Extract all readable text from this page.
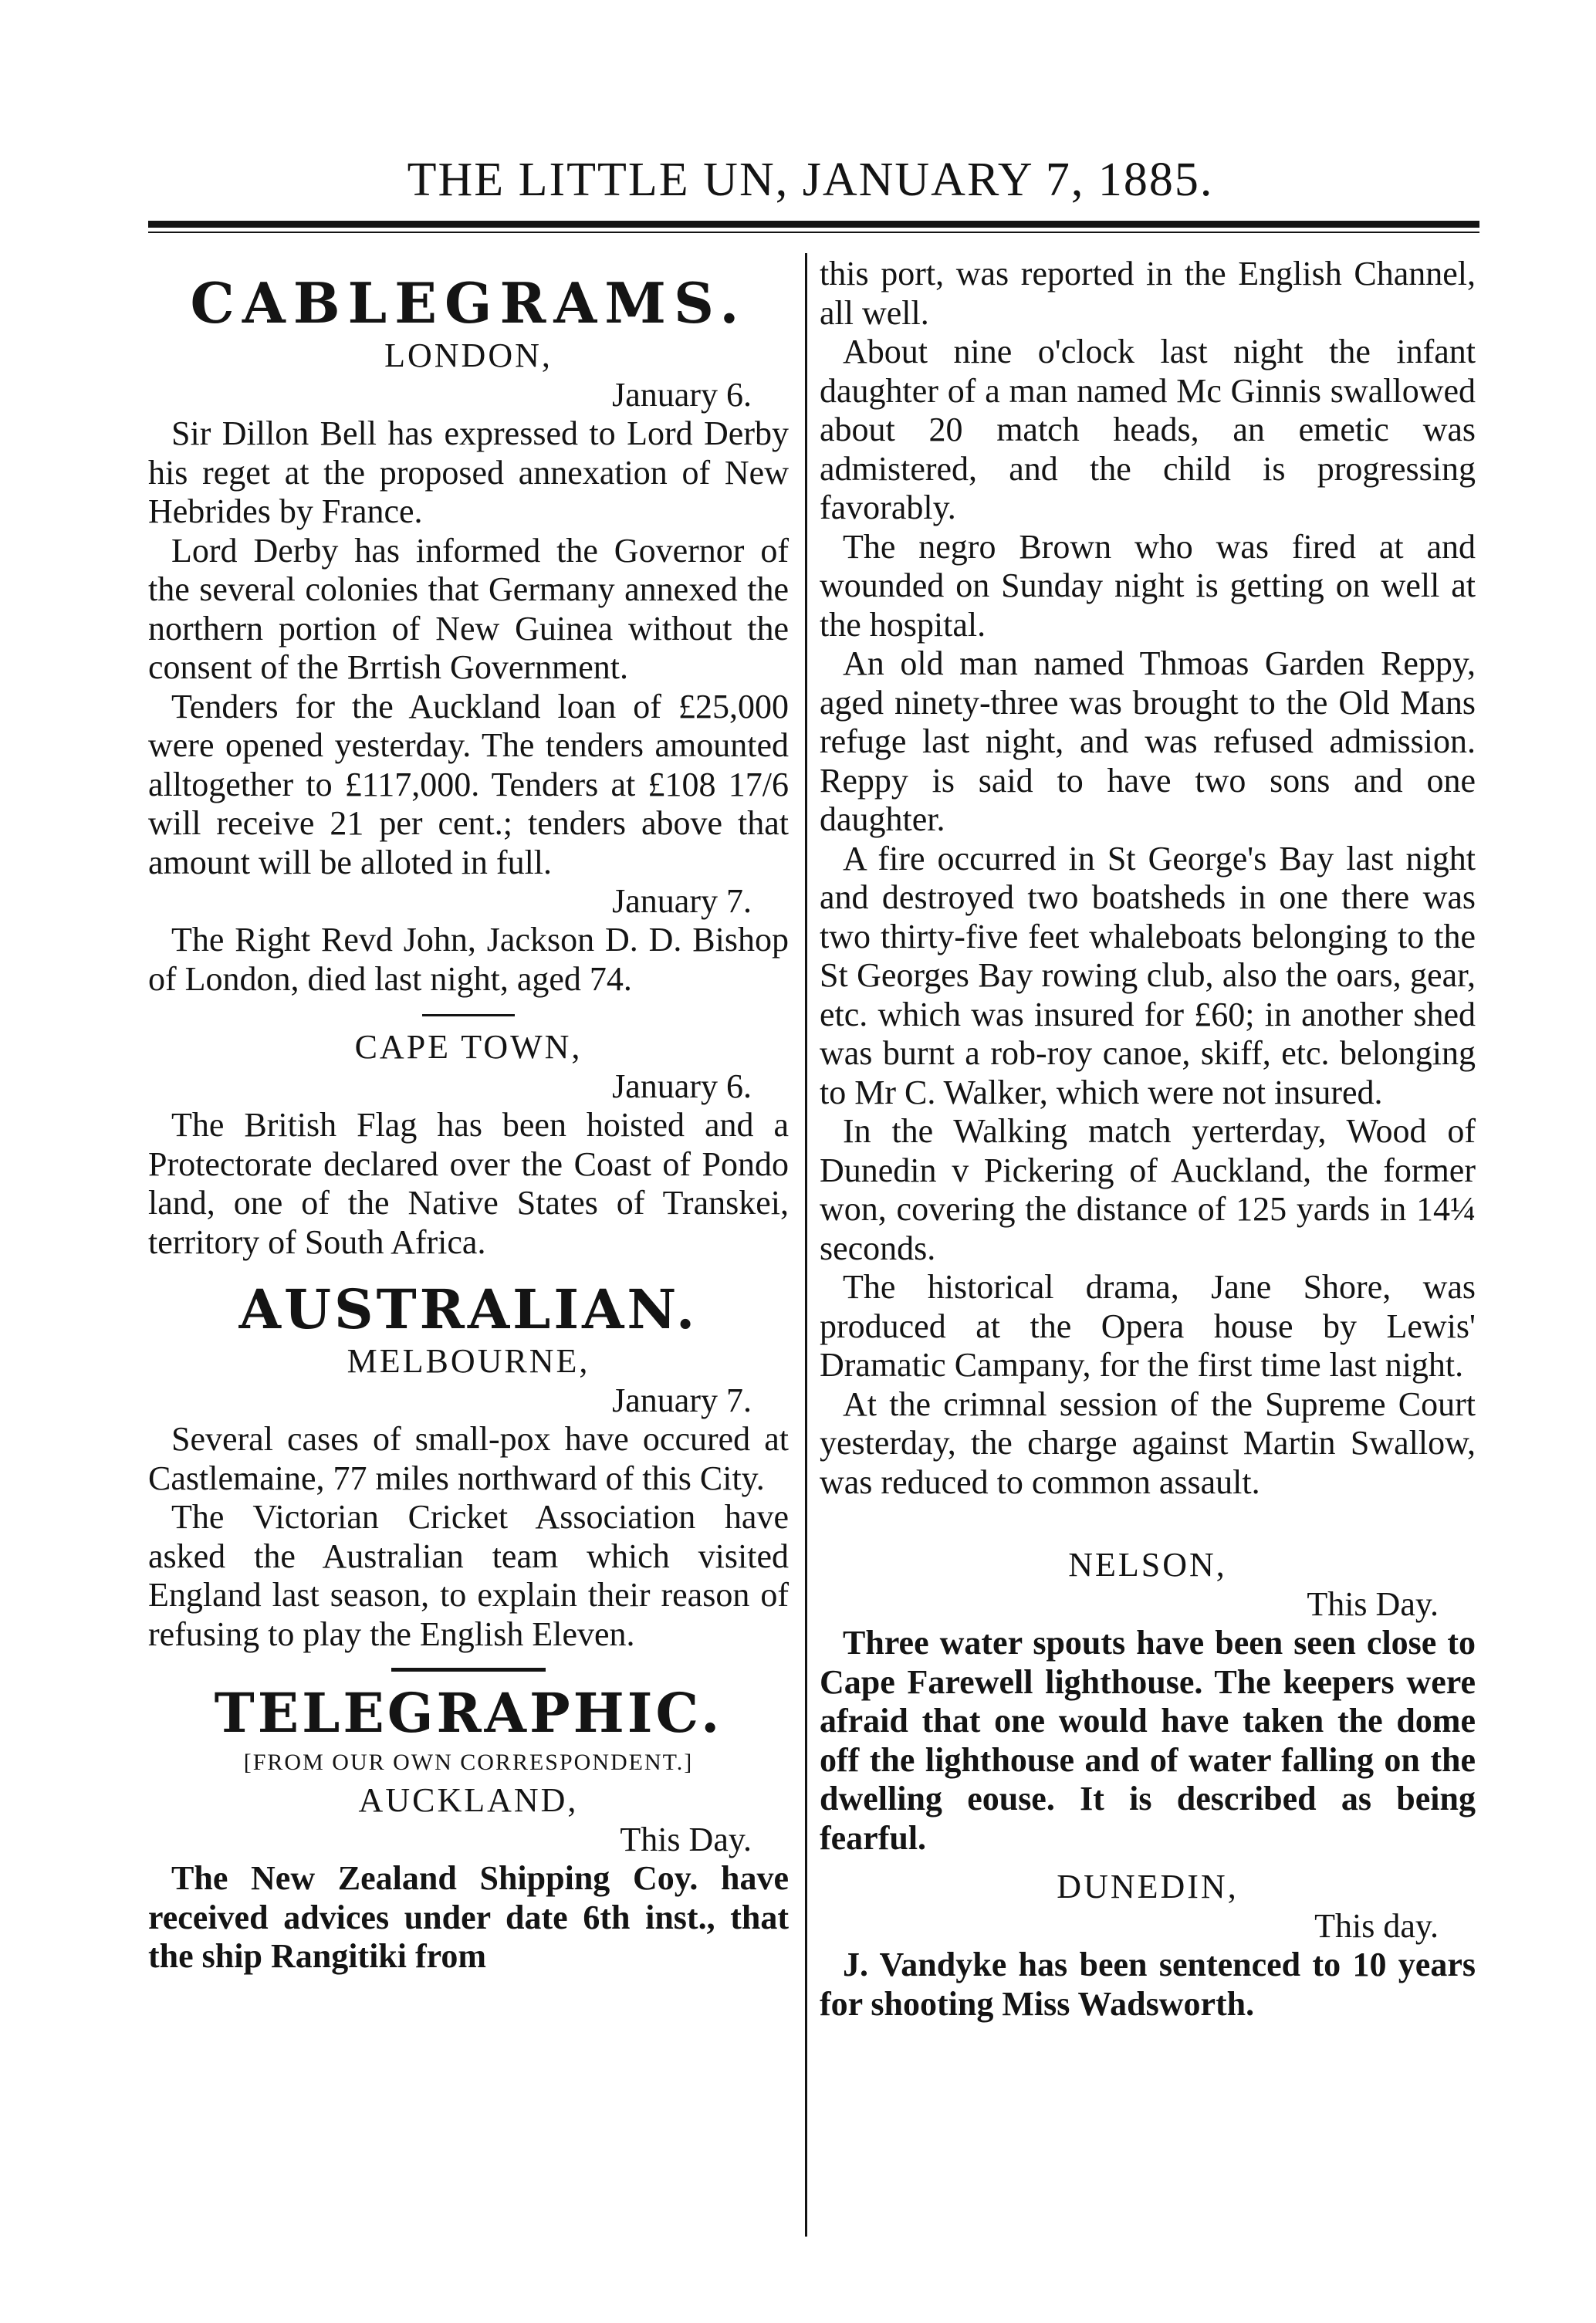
THE LITTLE UN, JANUARY 7, 1885.
CABLEGRAMS.
LONDON,
January 6.

Sir Dillon Bell has expressed to Lord Derby his reget at the proposed annexation of New Hebrides by France.

Lord Derby has informed the Governor of the several colonies that Germany annexed the northern portion of New Guinea without the consent of the Brrtish Government.

Tenders for the Auckland loan of £25,000 were opened yesterday. The tenders amounted alltogether to £117,000. Tenders at £108 17/6 will receive 21 per cent.; tenders above that amount will be alloted in full.

January 7.

The Right Revd John, Jackson D. D. Bishop of London, died last night, aged 74.

CAPE TOWN,
January 6.

The British Flag has been hoisted and a Protectorate declared over the Coast of Pondo land, one of the Native States of Transkei, territory of South Africa.

AUSTRALIAN.
MELBOURNE,
January 7.

Several cases of small-pox have occured at Castlemaine, 77 miles northward of this City.

The Victorian Cricket Association have asked the Australian team which visited England last season, to explain their reason of refusing to play the English Eleven.

TELEGRAPHIC.
[FROM OUR OWN CORRESPONDENT.]
AUCKLAND,
This Day.

The New Zealand Shipping Coy. have received advices under date 6th inst., that the ship Rangitiki from

this port, was reported in the English Channel, all well.

About nine o'clock last night the infant daughter of a man named Mc Ginnis swallowed about 20 match heads, an emetic was admistered, and the child is progressing favorably.

The negro Brown who was fired at and wounded on Sunday night is getting on well at the hospital.

An old man named Thmoas Garden Reppy, aged ninety-three was brought to the Old Mans refuge last night, and was refused admission. Reppy is said to have two sons and one daughter.

A fire occurred in St George's Bay last night and destroyed two boatsheds in one there was two thirty-five feet whaleboats belonging to the St Georges Bay rowing club, also the oars, gear, etc. which was insured for £60; in another shed was burnt a rob-roy canoe, skiff, etc. belonging to Mr C. Walker, which were not insured.

In the Walking match yerterday, Wood of Dunedin v Pickering of Auckland, the former won, covering the distance of 125 yards in 14¼ seconds.

The historical drama, Jane Shore, was produced at the Opera house by Lewis' Dramatic Campany, for the first time last night.

At the crimnal session of the Supreme Court yesterday, the charge against Martin Swallow, was reduced to common assault.

NELSON,
This Day.

Three water spouts have been seen close to Cape Farewell lighthouse. The keepers were afraid that one would have taken the dome off the lighthouse and of water falling on the dwelling eouse. It is described as being fearful.

DUNEDIN,
This day.

J. Vandyke has been sentenced to 10 years for shooting Miss Wadsworth.
